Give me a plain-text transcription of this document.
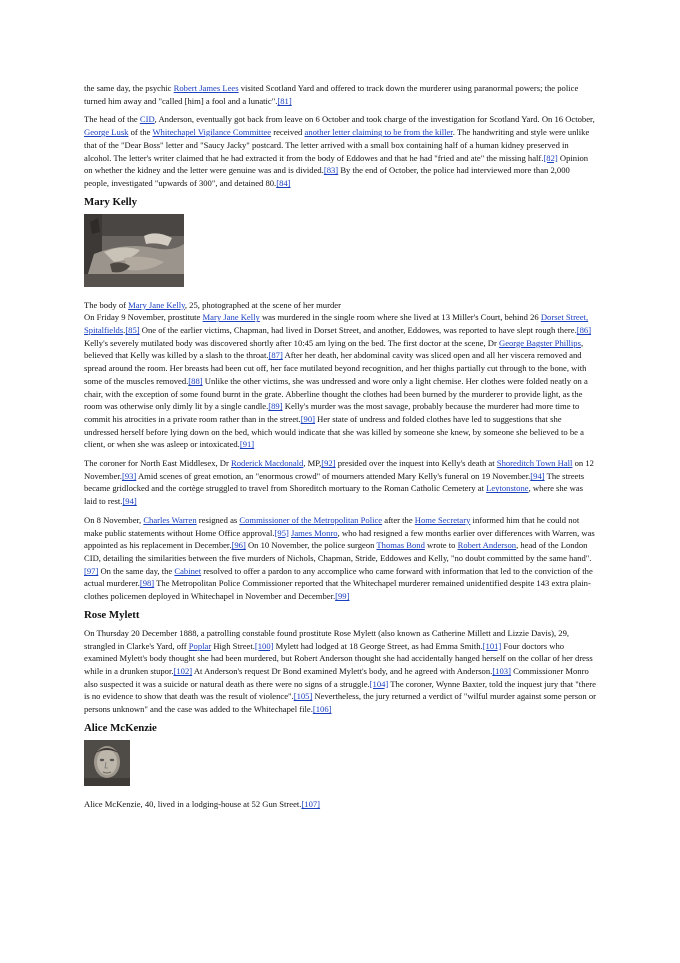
the same day, the psychic Robert James Lees visited Scotland Yard and offered to track down the murderer using paranormal powers; the police turned him away and "called [him] a fool and a lunatic".[81]

The head of the CID, Anderson, eventually got back from leave on 6 October and took charge of the investigation for Scotland Yard. On 16 October, George Lusk of the Whitechapel Vigilance Committee received another letter claiming to be from the killer. The handwriting and style were unlike that of the "Dear Boss" letter and "Saucy Jacky" postcard. The letter arrived with a small box containing half of a human kidney preserved in alcohol. The letter's writer claimed that he had extracted it from the body of Eddowes and that he had "fried and ate" the missing half.[82] Opinion on whether the kidney and the letter were genuine was and is divided.[83] By the end of October, the police had interviewed more than 2,000 people, investigated "upwards of 300", and detained 80.[84]

Mary Kelly

The body of Mary Jane Kelly, 25, photographed at the scene of her murder

On Friday 9 November, prostitute Mary Jane Kelly was murdered in the single room where she lived at 13 Miller's Court, behind 26 Dorset Street, Spitalfields.[85] One of the earlier victims, Chapman, had lived in Dorset Street, and another, Eddowes, was reported to have slept rough there.[86] Kelly's severely mutilated body was discovered shortly after 10:45 am lying on the bed. The first doctor at the scene, Dr George Bagster Phillips, believed that Kelly was killed by a slash to the throat.[87] After her death, her abdominal cavity was sliced open and all her viscera removed and spread around the room. Her breasts had been cut off, her face mutilated beyond recognition, and her thighs partially cut through to the bone, with some of the muscles removed.[88] Unlike the other victims, she was undressed and wore only a light chemise. Her clothes were folded neatly on a chair, with the exception of some found burnt in the grate. Abberline thought the clothes had been burned by the murderer to provide light, as the room was otherwise only dimly lit by a single candle.[89] Kelly's murder was the most savage, probably because the murderer had more time to commit his atrocities in a private room rather than in the street.[90] Her state of undress and folded clothes have led to suggestions that she undressed herself before lying down on the bed, which would indicate that she was killed by someone she knew, by someone she believed to be a client, or when she was asleep or intoxicated.[91]

The coroner for North East Middlesex, Dr Roderick Macdonald, MP,[92] presided over the inquest into Kelly's death at Shoreditch Town Hall on 12 November.[93] Amid scenes of great emotion, an "enormous crowd" of mourners attended Mary Kelly's funeral on 19 November.[94] The streets became gridlocked and the cortège struggled to travel from Shoreditch mortuary to the Roman Catholic Cemetery at Leytonstone, where she was laid to rest.[94]

On 8 November, Charles Warren resigned as Commissioner of the Metropolitan Police after the Home Secretary informed him that he could not make public statements without Home Office approval.[95] James Monro, who had resigned a few months earlier over differences with Warren, was appointed as his replacement in December.[96] On 10 November, the police surgeon Thomas Bond wrote to Robert Anderson, head of the London CID, detailing the similarities between the five murders of Nichols, Chapman, Stride, Eddowes and Kelly, "no doubt committed by the same hand".[97] On the same day, the Cabinet resolved to offer a pardon to any accomplice who came forward with information that led to the conviction of the actual murderer.[98] The Metropolitan Police Commissioner reported that the Whitechapel murderer remained unidentified despite 143 extra plain-clothes policemen deployed in Whitechapel in November and December.[99]

Rose Mylett

On Thursday 20 December 1888, a patrolling constable found prostitute Rose Mylett (also known as Catherine Millett and Lizzie Davis), 29, strangled in Clarke's Yard, off Poplar High Street.[100] Mylett had lodged at 18 George Street, as had Emma Smith.[101] Four doctors who examined Mylett's body thought she had been murdered, but Robert Anderson thought she had accidentally hanged herself on the collar of her dress while in a drunken stupor.[102] At Anderson's request Dr Bond examined Mylett's body, and he agreed with Anderson.[103] Commissioner Monro also suspected it was a suicide or natural death as there were no signs of a struggle.[104] The coroner, Wynne Baxter, told the inquest jury that "there is no evidence to show that death was the result of violence".[105] Nevertheless, the jury returned a verdict of "wilful murder against some person or persons unknown" and the case was added to the Whitechapel file.[106]

Alice McKenzie

Alice McKenzie, 40, lived in a lodging-house at 52 Gun Street.[107]
